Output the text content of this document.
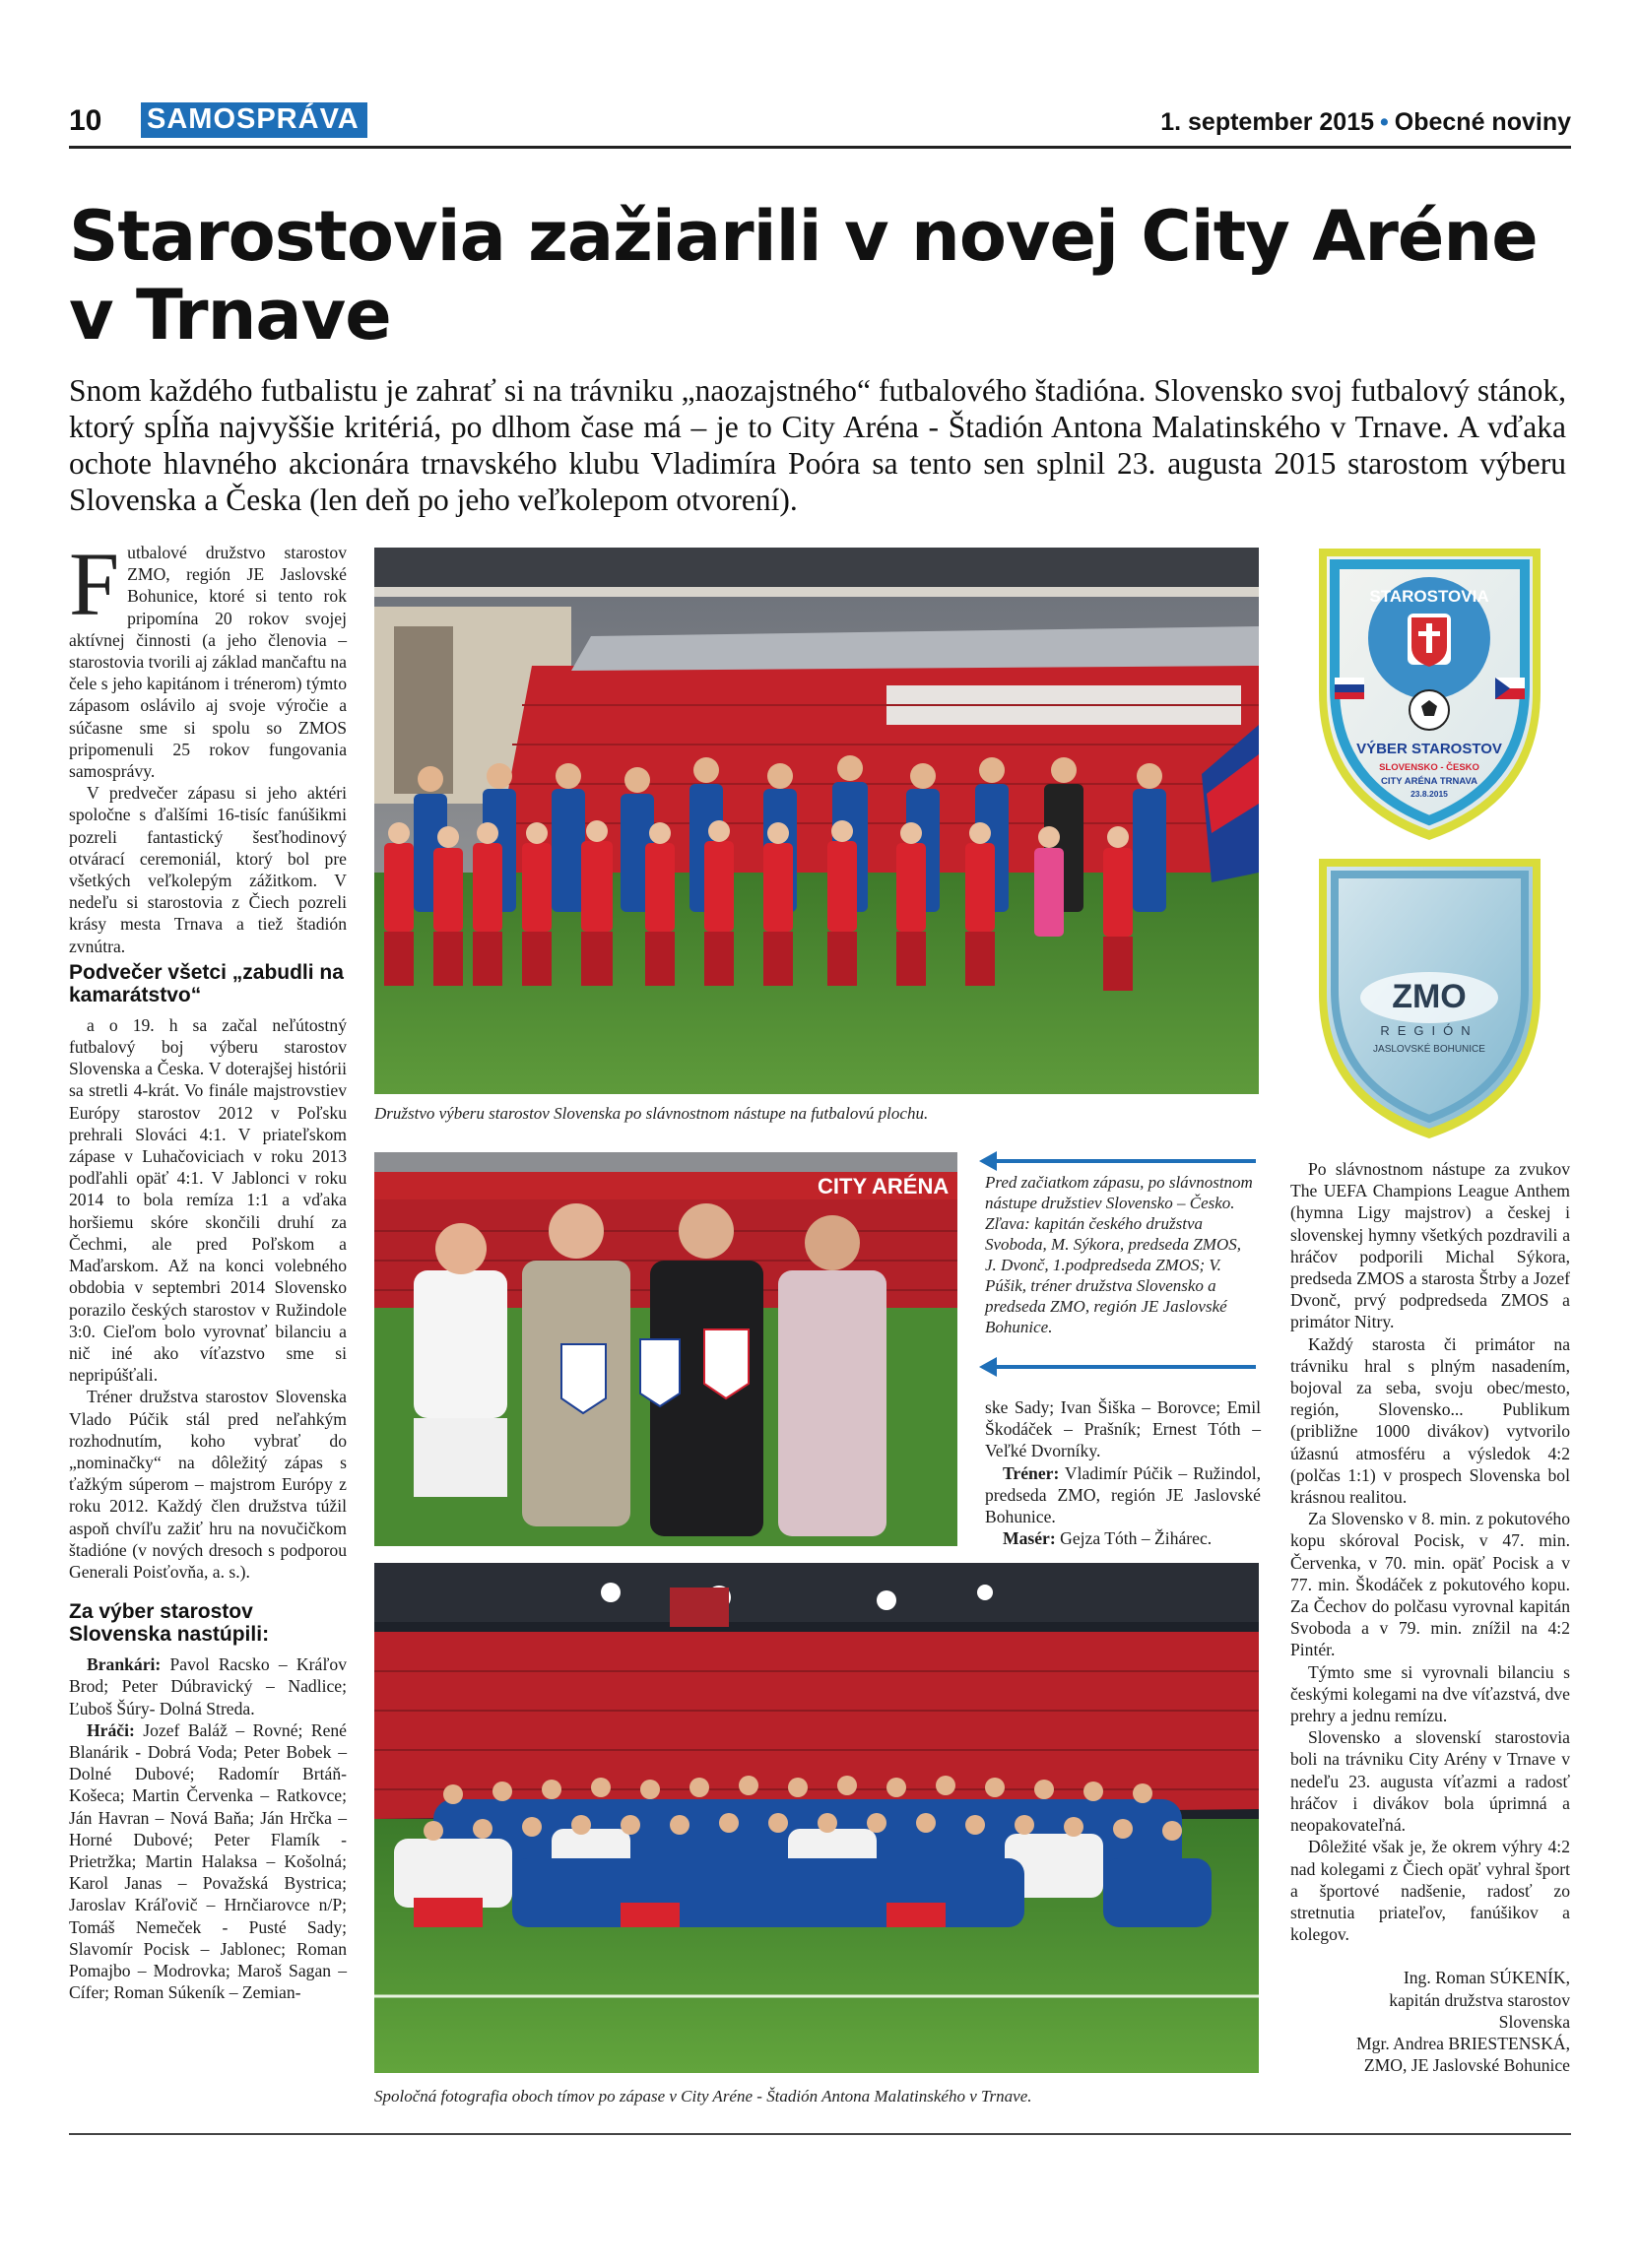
10 SAMOSPRÁVA	1. september 2015 • Obecné noviny
Starostovia zažiarili v novej City Aréne v Trnave
Snom každého futbalistu je zahrať si na trávniku „naozajstného“ futbalového štadióna. Slovensko svoj futbalový stánok, ktorý spĺňa najvyššie kritériá, po dlhom čase má – je to City Aréna - Štadión Antona Malatinského v Trnave. A vďaka ochote hlavného akcionára trnavského klubu Vladimíra Poóra sa tento sen splnil 23. augusta 2015 starostom výberu Slovenska a Česka (len deň po jeho veľkolepom otvorení).

Futbalové družstvo starostov ZMO, región JE Jaslovské Bohunice, ktoré si tento rok pripomína 20 rokov svojej aktívnej činnosti (a jeho členovia – starostovia tvorili aj základ mančaftu na čele s jeho kapitánom i trénerom) týmto zápasom oslávilo aj svoje výročie a súčasne sme si spolu so ZMOS pripomenuli 25 rokov fungovania samosprávy.

V predvečer zápasu si jeho aktéri spoločne s ďalšími 16-tisíc fanúšikmi pozreli fantastický šesťhodinový otvárací ceremoniál, ktorý bol pre všetkých veľkolepým zážitkom. V nedeľu si starostovia z Čiech pozreli krásy mesta Trnava a tiež štadión zvnútra.

Podvečer všetci „zabudli na kamarátstvo“

a o 19. h sa začal neľútostný futbalový boj výberu starostov Slovenska a Česka. V doterajšej histórii sa stretli 4-krát. Vo finále majstrovstiev Európy starostov 2012 v Poľsku prehrali Slováci 4:1. V priateľskom zápase v Luhačoviciach v roku 2013 podľahli opäť 4:1. V Jablonci v roku 2014 to bola remíza 1:1 a vďaka horšiemu skóre skončili druhí za Čechmi, ale pred Poľskom a Maďarskom. Až na konci volebného obdobia v septembri 2014 Slovensko porazilo českých starostov v Ružindole 3:0. Cieľom bolo vyrovnať bilanciu a nič iné ako víťazstvo sme si nepripúšťali.

Tréner družstva starostov Slovenska Vlado Púčik stál pred neľahkým rozhodnutím, koho vybrať do „nominačky“ na dôležitý zápas s ťažkým súperom – majstrom Európy z roku 2012. Každý člen družstva túžil aspoň chvíľu zažiť hru na novučičkom štadióne (v nových dresoch s podporou Generali Poisťovňa, a. s.).

Za výber starostov Slovenska nastúpili:

Brankári: Pavol Racsko – Kráľov Brod; Peter Dúbravický – Nadlice; Ľuboš Šúry- Dolná Streda.

Hráči: Jozef Baláž – Rovné; René Blanárik - Dobrá Voda; Peter Bobek – Dolné Dubové; Radomír Brtáň- Košeca; Martin Červenka – Ratkovce; Ján Havran – Nová Baňa; Ján Hrčka – Horné Dubové; Peter Flamík - Prietržka; Martin Halaksa – Košolná; Karol Janas – Považská Bystrica; Jaroslav Kráľovič – Hrnčiarovce n/P; Tomáš Nemeček - Pusté Sady; Slavomír Pocisk – Jablonec; Roman Pomajbo – Modrovka; Maroš Sagan – Cífer; Roman Súkeník – Zemian-

Družstvo výberu starostov Slovenska po slávnostnom nástupe na futbalovú plochu.
STAROSTOVIA
VÝBER STAROSTOV
SLOVENSKO - ČESKO
CITY ARÉNA TRNAVA
23.8.2015
ZMO
REGIÓN
JASLOVSKÉ BOHUNICE
CITY ARÉNA Pred začiatkom zápasu, po slávnostnom nástupe družstiev Slovensko – Česko. Zľava: kapitán českého družstva Svoboda, M. Sýkora, predseda ZMOS, J. Dvonč, 1.podpredseda ZMOS; V. Púšik, tréner družstva Slovensko a predseda ZMO, región JE Jaslovské Bohunice.

ske Sady; Ivan Šiška – Borovce; Emil Škodáček – Prašník; Ernest Tóth – Veľké Dvorníky.

Tréner: Vladimír Púčik – Ružindol, predseda ZMO, región JE Jaslovské Bohunice.

Masér: Gejza Tóth – Žihárec.

Po slávnostnom nástupe za zvukov The UEFA Champions League Anthem (hymna Ligy majstrov) a českej i slovenskej hymny všetkých pozdravili a hráčov podporili Michal Sýkora, predseda ZMOS a starosta Štrby a Jozef Dvonč, prvý podpredseda ZMOS a primátor Nitry.

Každý starosta či primátor na trávniku hral s plným nasadením, bojoval za seba, svoju obec/mesto, región, Slovensko... Publikum (približne 1000 divákov) vytvorilo úžasnú atmosféru a výsledok 4:2 (polčas 1:1) v prospech Slovenska bol krásnou realitou.

Za Slovensko v 8. min. z pokutového kopu skóroval Pocisk, v 47. min. Červenka, v 70. min. opäť Pocisk a v 77. min. Škodáček z pokutového kopu. Za Čechov do polčasu vyrovnal kapitán Svoboda a v 79. min. znížil na 4:2 Pintér.

Týmto sme si vyrovnali bilanciu s českými kolegami na dve víťazstvá, dve prehry a jednu remízu.

Slovensko a slovenskí starostovia boli na trávniku City Arény v Trnave v nedeľu 23. augusta víťazmi a radosť hráčov i divákov bola úprimná a neopakovateľná.

Dôležité však je, že okrem výhry 4:2 nad kolegami z Čiech opäť vyhral šport a športové nadšenie, radosť zo stretnutia priateľov, fanúšikov a kolegov.

Ing. Roman SÚKENÍK,
kapitán družstva starostov
Slovenska
Mgr. Andrea BRIESTENSKÁ,
ZMO, JE Jaslovské Bohunice
Spoločná fotografia oboch tímov po zápase v City Aréne - Štadión Antona Malatinského v Trnave.
